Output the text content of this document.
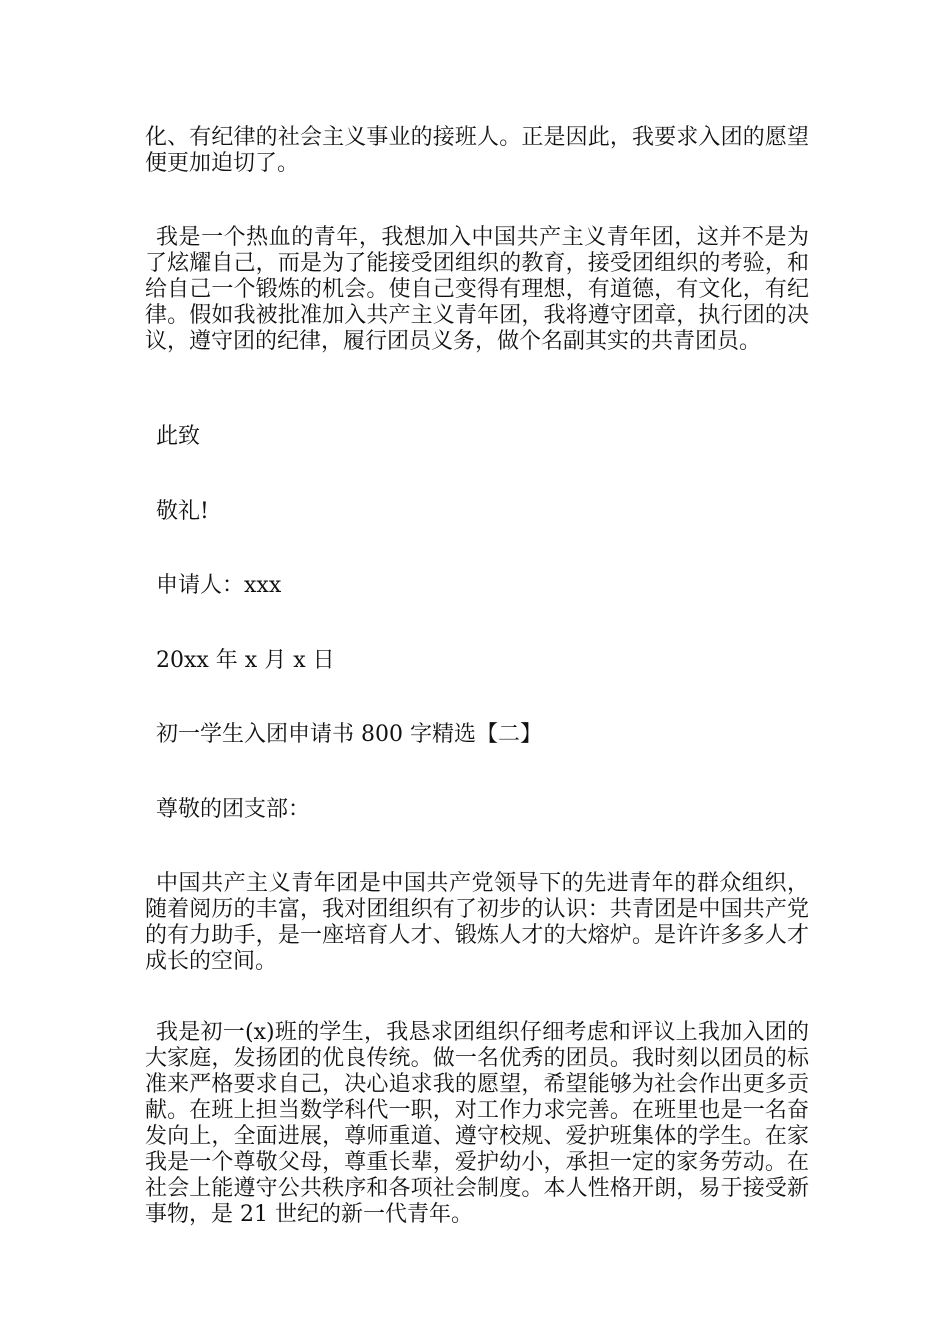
化、有纪律的社会主义事业的接班人。正是因此，我要求入团的愿望便更加迫切了。

我是一个热血的青年，我想加入中国共产主义青年团，这并不是为了炫耀自己，而是为了能接受团组织的教育，接受团组织的考验，和给自己一个锻炼的机会。使自己变得有理想，有道德，有文化，有纪律。假如我被批准加入共产主义青年团，我将遵守团章，执行团的决议，遵守团的纪律，履行团员义务，做个名副其实的共青团员。

此致

敬礼!

申请人：xxx

20xx 年 x 月 x 日

初一学生入团申请书 800 字精选【二】

尊敬的团支部：

中国共产主义青年团是中国共产党领导下的先进青年的群众组织，随着阅历的丰富，我对团组织有了初步的认识：共青团是中国共产党的有力助手，是一座培育人才、锻炼人才的大熔炉。是许许多多人才成长的空间。

我是初一(x)班的学生，我恳求团组织仔细考虑和评议上我加入团的大家庭，发扬团的优良传统。做一名优秀的团员。我时刻以团员的标准来严格要求自己，决心追求我的愿望，希望能够为社会作出更多贡献。在班上担当数学科代一职，对工作力求完善。在班里也是一名奋发向上，全面进展，尊师重道、遵守校规、爱护班集体的学生。在家我是一个尊敬父母，尊重长辈，爱护幼小，承担一定的家务劳动。在社会上能遵守公共秩序和各项社会制度。本人性格开朗，易于接受新事物，是 21 世纪的新一代青年。
